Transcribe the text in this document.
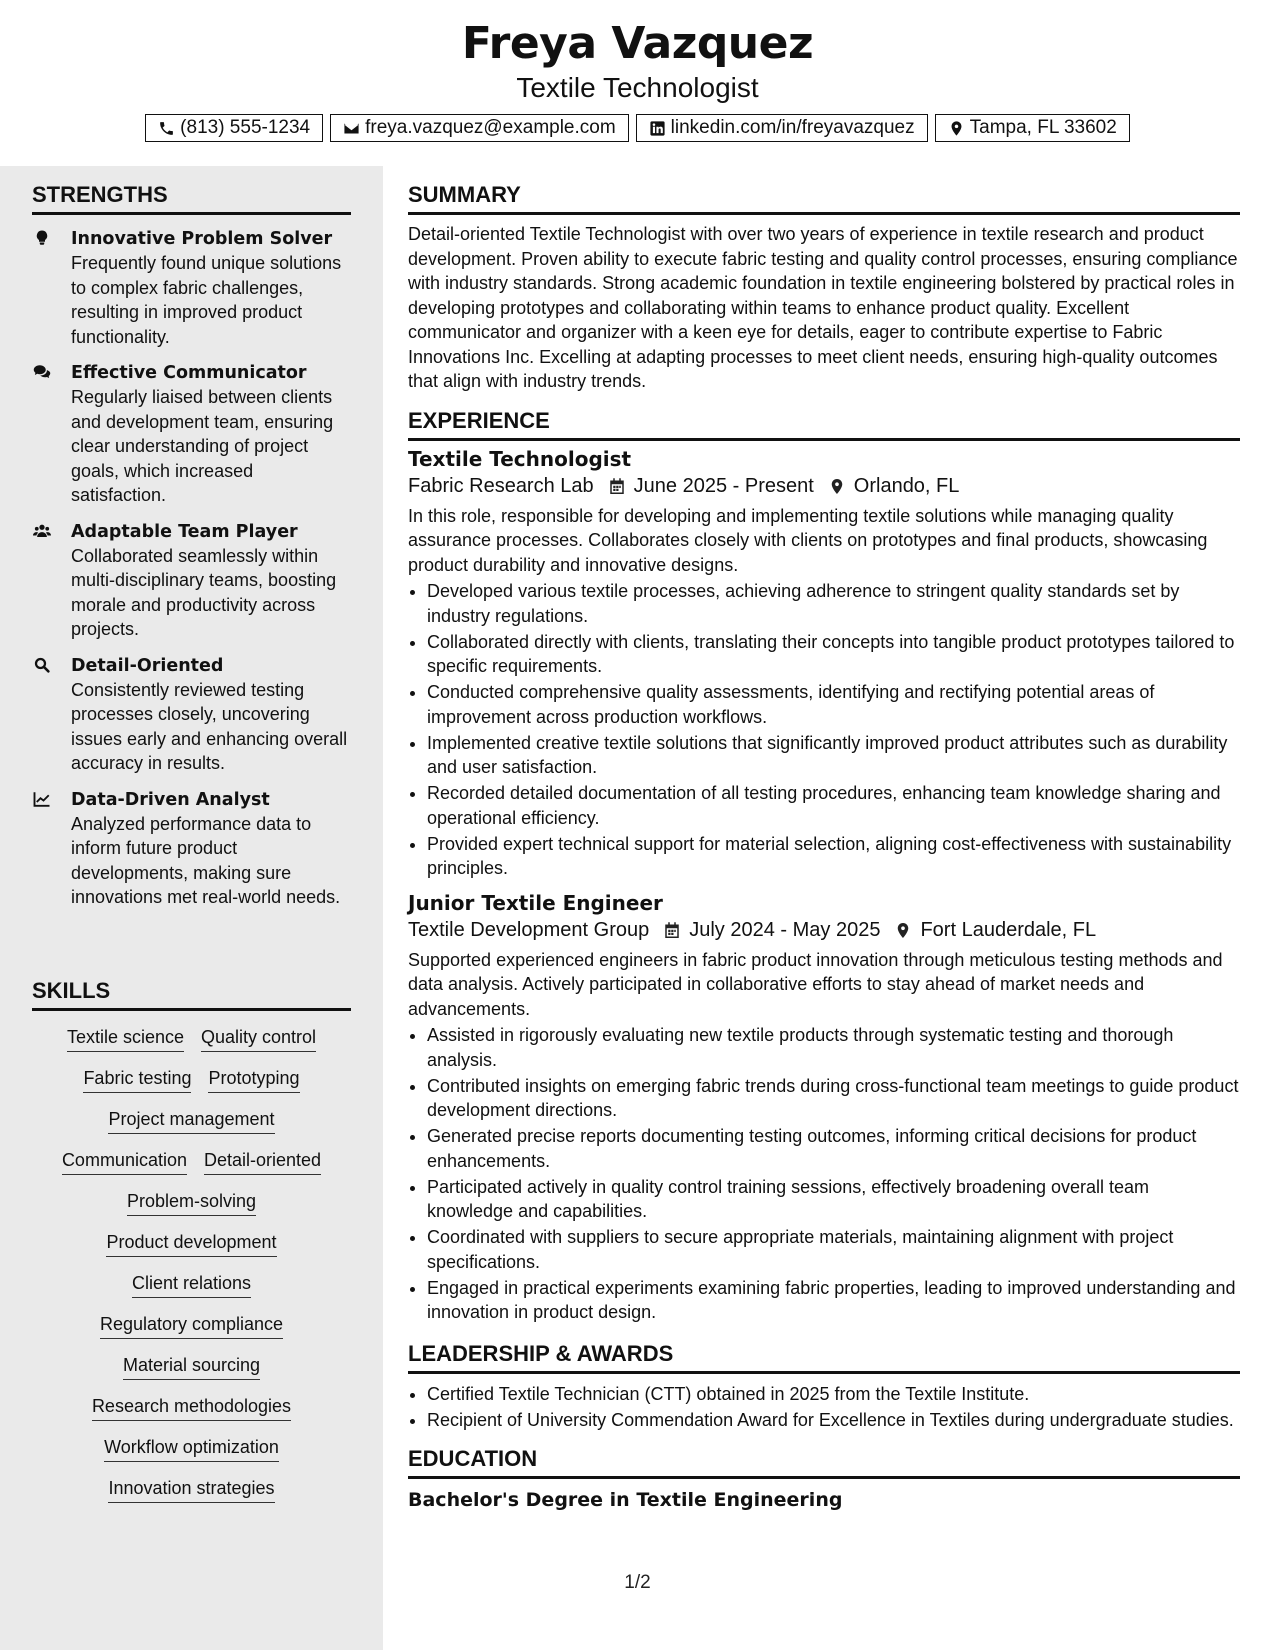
Freya Vazquez
Textile Technologist
(813) 555-1234	freya.vazquez@example.com	linkedin.com/in/freyavazquez	Tampa, FL 33602
STRENGTHS
Innovative Problem Solver
Frequently found unique solutions to complex fabric challenges, resulting in improved product functionality.
Effective Communicator
Regularly liaised between clients and development team, ensuring clear understanding of project goals, which increased satisfaction.
Adaptable Team Player
Collaborated seamlessly within multi-disciplinary teams, boosting morale and productivity across projects.
Detail-Oriented
Consistently reviewed testing processes closely, uncovering issues early and enhancing overall accuracy in results.
Data-Driven Analyst
Analyzed performance data to inform future product developments, making sure innovations met real-world needs.
SKILLS
Textile science Quality control
Fabric testing Prototyping
Project management
Communication Detail-oriented
Problem-solving
Product development
Client relations
Regulatory compliance
Material sourcing
Research methodologies
Workflow optimization
Innovation strategies
SUMMARY
Detail-oriented Textile Technologist with over two years of experience in textile research and product development. Proven ability to execute fabric testing and quality control processes, ensuring compliance with industry standards. Strong academic foundation in textile engineering bolstered by practical roles in developing prototypes and collaborating within teams to enhance product quality. Excellent communicator and organizer with a keen eye for details, eager to contribute expertise to Fabric Innovations Inc. Excelling at adapting processes to meet client needs, ensuring high-quality outcomes that align with industry trends.
EXPERIENCE
Textile Technologist
Fabric Research Lab June 2025 - Present Orlando, FL
In this role, responsible for developing and implementing textile solutions while managing quality assurance processes. Collaborates closely with clients on prototypes and final products, showcasing product durability and innovative designs.
• Developed various textile processes, achieving adherence to stringent quality standards set by industry regulations.
• Collaborated directly with clients, translating their concepts into tangible product prototypes tailored to specific requirements.
• Conducted comprehensive quality assessments, identifying and rectifying potential areas of improvement across production workflows.
• Implemented creative textile solutions that significantly improved product attributes such as durability and user satisfaction.
• Recorded detailed documentation of all testing procedures, enhancing team knowledge sharing and operational efficiency.
• Provided expert technical support for material selection, aligning cost-effectiveness with sustainability principles.
Junior Textile Engineer
Textile Development Group July 2024 - May 2025 Fort Lauderdale, FL
Supported experienced engineers in fabric product innovation through meticulous testing methods and data analysis. Actively participated in collaborative efforts to stay ahead of market needs and advancements.
• Assisted in rigorously evaluating new textile products through systematic testing and thorough analysis.
• Contributed insights on emerging fabric trends during cross-functional team meetings to guide product development directions.
• Generated precise reports documenting testing outcomes, informing critical decisions for product enhancements.
• Participated actively in quality control training sessions, effectively broadening overall team knowledge and capabilities.
• Coordinated with suppliers to secure appropriate materials, maintaining alignment with project specifications.
• Engaged in practical experiments examining fabric properties, leading to improved understanding and innovation in product design.
LEADERSHIP & AWARDS
• Certified Textile Technician (CTT) obtained in 2025 from the Textile Institute.
• Recipient of University Commendation Award for Excellence in Textiles during undergraduate studies.
EDUCATION
Bachelor's Degree in Textile Engineering
1/2
